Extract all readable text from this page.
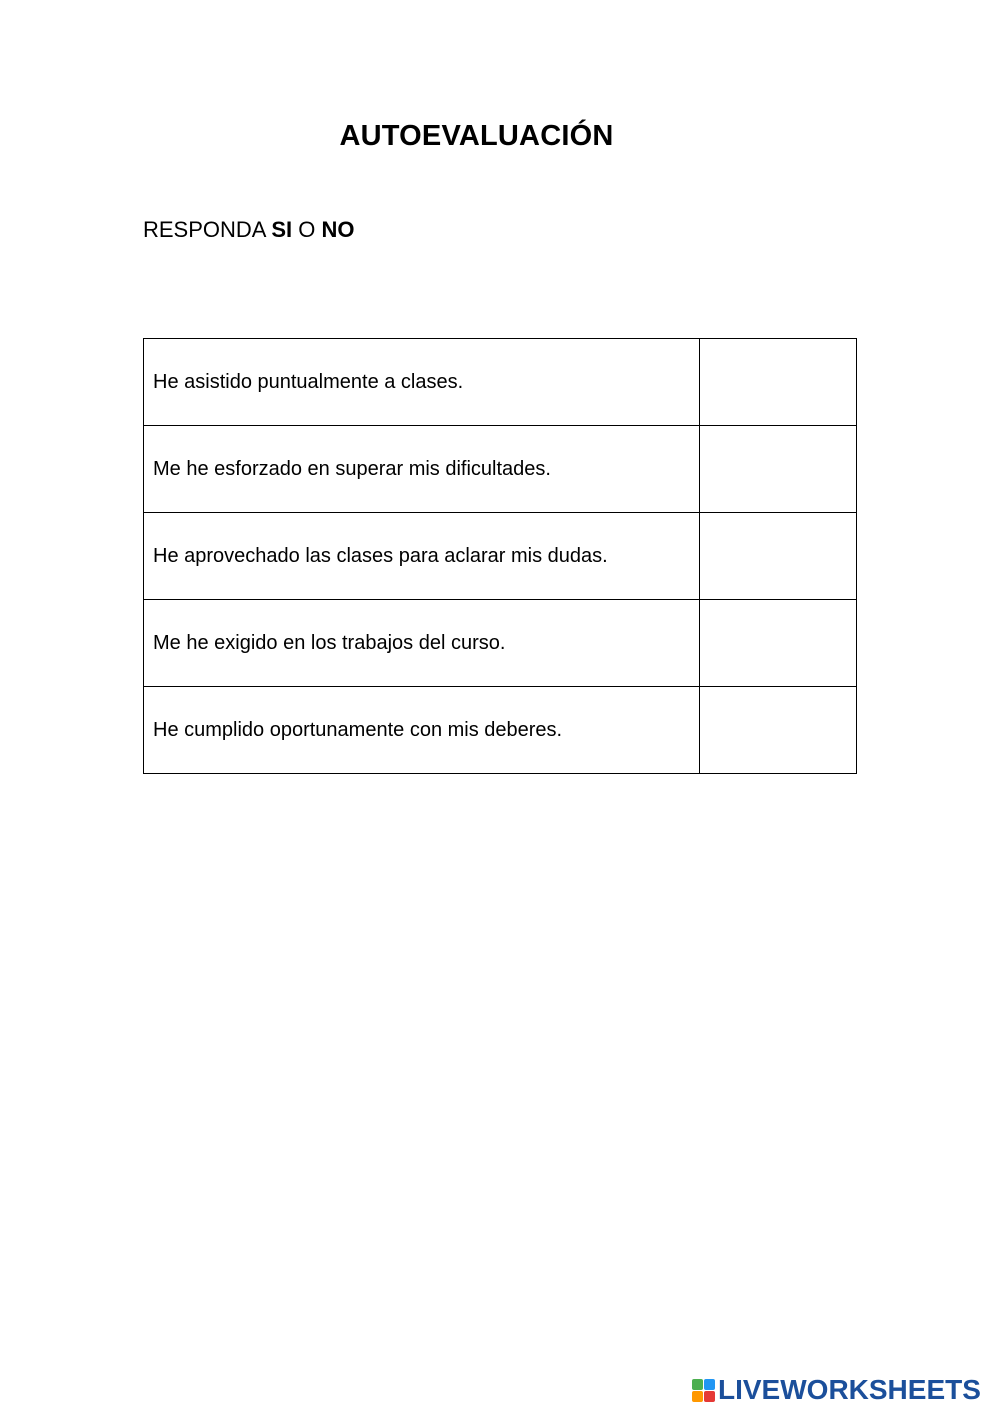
AUTOEVALUACIÓN
RESPONDA SI O NO
He asistido puntualmente a clases.	
Me he esforzado en superar mis dificultades.	
He aprovechado las clases para aclarar mis dudas.	
Me he exigido en los trabajos del curso.	
He cumplido oportunamente con mis deberes.	
LIVEWORKSHEETS
